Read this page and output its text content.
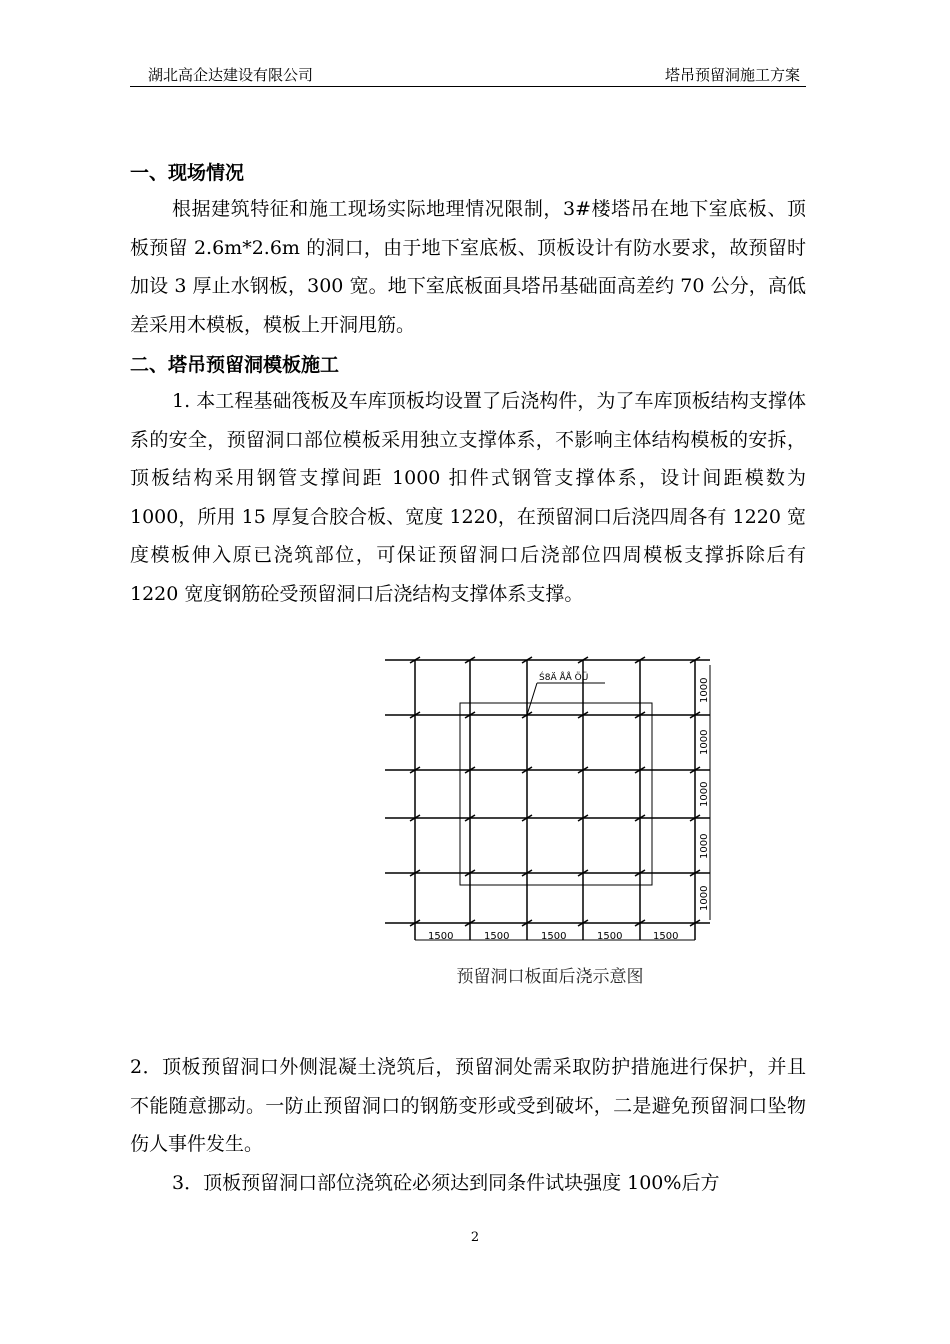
湖北高企达建设有限公司	塔吊预留洞施工方案
一、现场情况

根据建筑特征和施工现场实际地理情况限制，3#楼塔吊在地下室底板、顶板预留 2.6m*2.6m 的洞口，由于地下室底板、顶板设计有防水要求，故预留时加设 3 厚止水钢板，300 宽。地下室底板面具塔吊基础面高差约 70 公分，高低差采用木模板，模板上开洞甩筋。

二、塔吊预留洞模板施工

1. 本工程基础筏板及车库顶板均设置了后浇构件，为了车库顶板结构支撑体系的安全，预留洞口部位模板采用独立支撑体系，不影响主体结构模板的安拆，顶板结构采用钢管支撑间距 1000 扣件式钢管支撑体系，设计间距模数为 1000，所用 15 厚复合胶合板、宽度 1220，在预留洞口后浇四周各有 1220 宽度模板伸入原已浇筑部位，可保证预留洞口后浇部位四周模板支撑拆除后有 1220 宽度钢筋砼受预留洞口后浇结构支撑体系支撑。

Ś8Ä ÅÅ ÖÜ
1500	1500	1500	1500	1500
1000
1000
1000
1000
1000
预留洞口板面后浇示意图

2．顶板预留洞口外侧混凝土浇筑后，预留洞处需采取防护措施进行保护，并且不能随意挪动。一防止预留洞口的钢筋变形或受到破坏，二是避免预留洞口坠物伤人事件发生。

3．顶板预留洞口部位浇筑砼必须达到同条件试块强度 100%后方

2
